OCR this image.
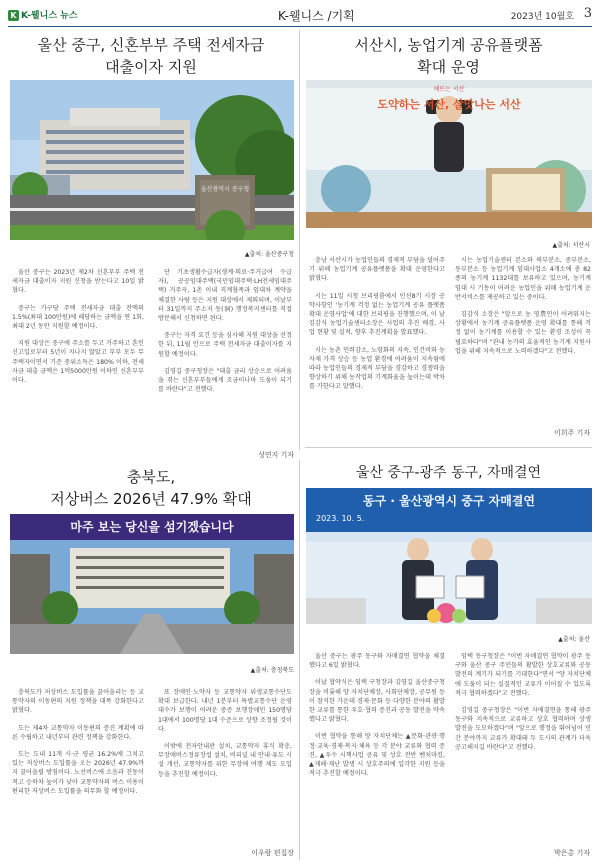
K K-웰니스 뉴스	K-웰니스 /기획	2023년 10월호 3
울산 중구, 신혼부부 주택 전세자금
대출이자 지원
울산광역시 중구청
▲출처: 울산중구청

울산 중구는 2023년 제2차 신혼부부 주택 전세자금 대출이자 지원 신청을 받는다고 10일 밝혔다.

중구는 가구당 주택 전세자금 대출 잔액의 1.5%(최대 100만원)에 해당하는 금액을 연 1회, 최대 2년 동안 지원할 예정이다.

지원 대상은 중구에 주소를 두고 거주하고 혼인신고일로부터 5년이 지나지 않았고 부부 모두 무주택자이면서 기준 중위소득은 180% 이하, 전세자금 대출 금액은 1억5000만원 이하인 신혼부부이다.

단 기초생활수급자(생계·의료·주거급여 수급자), 공공임대주택(국민임대주택·LH전세임대주택) 거주자, 1촌 이내 직계혈족과 임대차 계약을 체결한 사람 등은 지원 대상에서 제외되며, 이날부터 31일까지 주소지 동(洞) 행정복지센터를 직접 방문해서 신청하면 된다.

중구는 자격 요건 등을 심사해 지원 대상을 선정한 뒤, 11월 안으로 주택 전세자금 대출이자를 지원할 예정이다.

김영길 중구청장은 "대출 금리 상승으로 어려움을 겪는 신혼부부들에게 조금이나마 도움이 되기를 바란다"고 전했다.

성연지 기자
서산시, 농업기계 공유플랫폼
확대 운영
해뜨는 서산
도약하는 서산, 살맛나는 서산
▲출처: 서산시

충남 서산시가 농업인들의 경제적 부담을 덜어주기 위해 농업기계 공유플랫폼을 확대 운영한다고 밝혔다.

시는 11일 시청 브리핑룸에서 민선8기 시장 공약사항인 '농기계 걱정 없는 농업기계 공유 플랫폼 확대 운영사업'에 대한 브리핑을 진행했으며, 이 날 김감식 농업기술센터소장은 사업의 추진 배경, 사업 현황 및 실적, 향후 추진계획을 발표했다.

시는 농촌 인력감소, 노령화의 지속, 인건비와 농자재 가격 상승 등 농업 환경에 어려움이 지속됨에 따라 농업인들의 경제적 부담을 경감하고 경쟁력을 향상하기 위해 농작업의 기계화율을 높이는데 박차를 가한다고 말했다.

시는 농업기술센터 본소와 북부분소, 중부분소, 동부분소 등 농업기계 임대사업소 4개소에 총 82종의 농기계 1132대를 보유하고 있으며, 농기계 임대 시 기동이 어려운 농업인을 위해 농업기계 운반서비스를 제공하고 있는 중이다.

김감식 소장은 "앞으로 농 영農인이 어려워지는 상황에서 농기계 공유플랫폼 운영 확대를 통해 걱정 없이 농기계를 이용할 수 있는 환경 조성이 꼭 필요하다"며 "관내 농가의 효율적인 농기계 지원사업을 위해 지속적으로 노력하겠다"고 전했다.

이희주 기자
충북도,
저상버스 2026년 47.9% 확대
마주 보는 당신을 섬기겠습니다
▲출처: 충청북도

충북도가 저상버스 도입률을 끌어올리는 등 교통약자의 이동편의 지원 정책을 대폭 강화한다고 밝혔다.

도는 제4차 교통약자 이동편의 증진 계획에 따른 수립하고 내년부터 관련 정책을 강화한다.

도는 도내 11개 시·군 평균 16.2%에 그치고 있는 저상버스 도입률을 오는 2026년 47.9%까지 끌어올릴 방침이다. 노선버스에 소음과 진동이 적고 승하차 높이가 낮아 교통약자의 버스 이용이 편리한 저상버스 도입률을 의무화 할 예정이다.

또 장애인·노약자 등 교통약자 위생교통수단도 확대 보급한다. 내년 1분부터 특별교통수단 운영 대수가 보행이 어려운 중증 보행장애인 150명당 1대에서 100명당 1대 수준으로 상향 조정될 것이다.

이밖에 전자안내판 설치, 교통약자 휴식 확충, 무장애버스정류장섭 설치, 비피널 내 안내·유도 시설 개선, 교통약자를 위한 무장애 여행 제도 도입 등을 추진할 예정이다.

이우람 편집장
울산 중구-광주 동구, 자매결연
동구 · 울산광역시 중구 자매결연
2023. 10. 5.
▲출처: 울산

울산 중구는 광주 동구와 자매결연 협약을 체결했다고 6일 밝혔다.

이날 협약식은 임택 구청장과 김영길 울산중구청장을 비롯해 양 자치단체장, 사회단체장, 공무원 등이 참석한 가운데 경제·문화 등 다양한 분야의 활발한 교류를 통한 우호·협력 증진과 공동 발전을 약속했다고 밝혔다.

이번 협약을 통해 양 자치단체는 ▲문화·관광·행정·교육·경제·복지·체육 등 각 분야 교류와 협력 증진, ▲우수 시책사업 공유 및 상호 전반 벤치마킹, ▲재해·재난 발생 시 상호주의에 입각한 지원 등을 적극 추진할 예정이다.

임택 동구청장은 "이번 자매결연 협약이 광주 동구와 울산 중구 주민들의 활발한 상호교류와 공동 발전의 계기가 되기를 기대한다"면서 "양 자치단체에 도움이 되는 실질적인 교류가 이어질 수 있도록 적극 협력하겠다"고 전했다.

김영길 중구청장은 "이번 자매결연을 통해 광주 동구와 지속적으로 교류하고 상호 협력하며 상생 발전을 도모하겠다"며 "앞으로 행정을 뛰어넘어 민간 분야까지 교류가 확대돼 두 도시의 관계가 더욱 공고해지길 바란다"고 전했다.

박은총 기자
